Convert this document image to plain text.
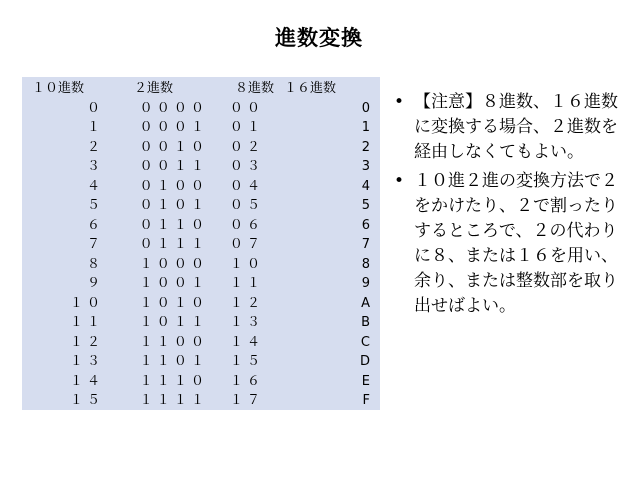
進数変換
１０進数	２進数	８進数	１６進数
０	０ ０ ０ ０	０ ０	0
１	０ ０ ０ １	０ １	1
２	０ ０ １ ０	０ ２	2
３	０ ０ １ １	０ ３	3
４	０ １ ０ ０	０ ４	4
５	０ １ ０ １	０ ５	5
６	０ １ １ ０	０ ６	6
７	０ １ １ １	０ ７	7
８	１ ０ ０ ０	１ ０	8
９	１ ０ ０ １	１ １	9
１ ０	１ ０ １ ０	１ ２	A
１ １	１ ０ １ １	１ ３	B
１ ２	１ １ ０ ０	１ ４	C
１ ３	１ １ ０ １	１ ５	D
１ ４	１ １ １ ０	１ ６	E
１ ５	１ １ １ １	１ ７	F
• 【注意】８進数、１６進数に変換する場合、２進数を経由しなくてもよい。
• １０進２進の変換方法で２をかけたり、２で割ったりするところで、２の代わりに８、または１６を用い、余り、または整数部を取り出せばよい。
